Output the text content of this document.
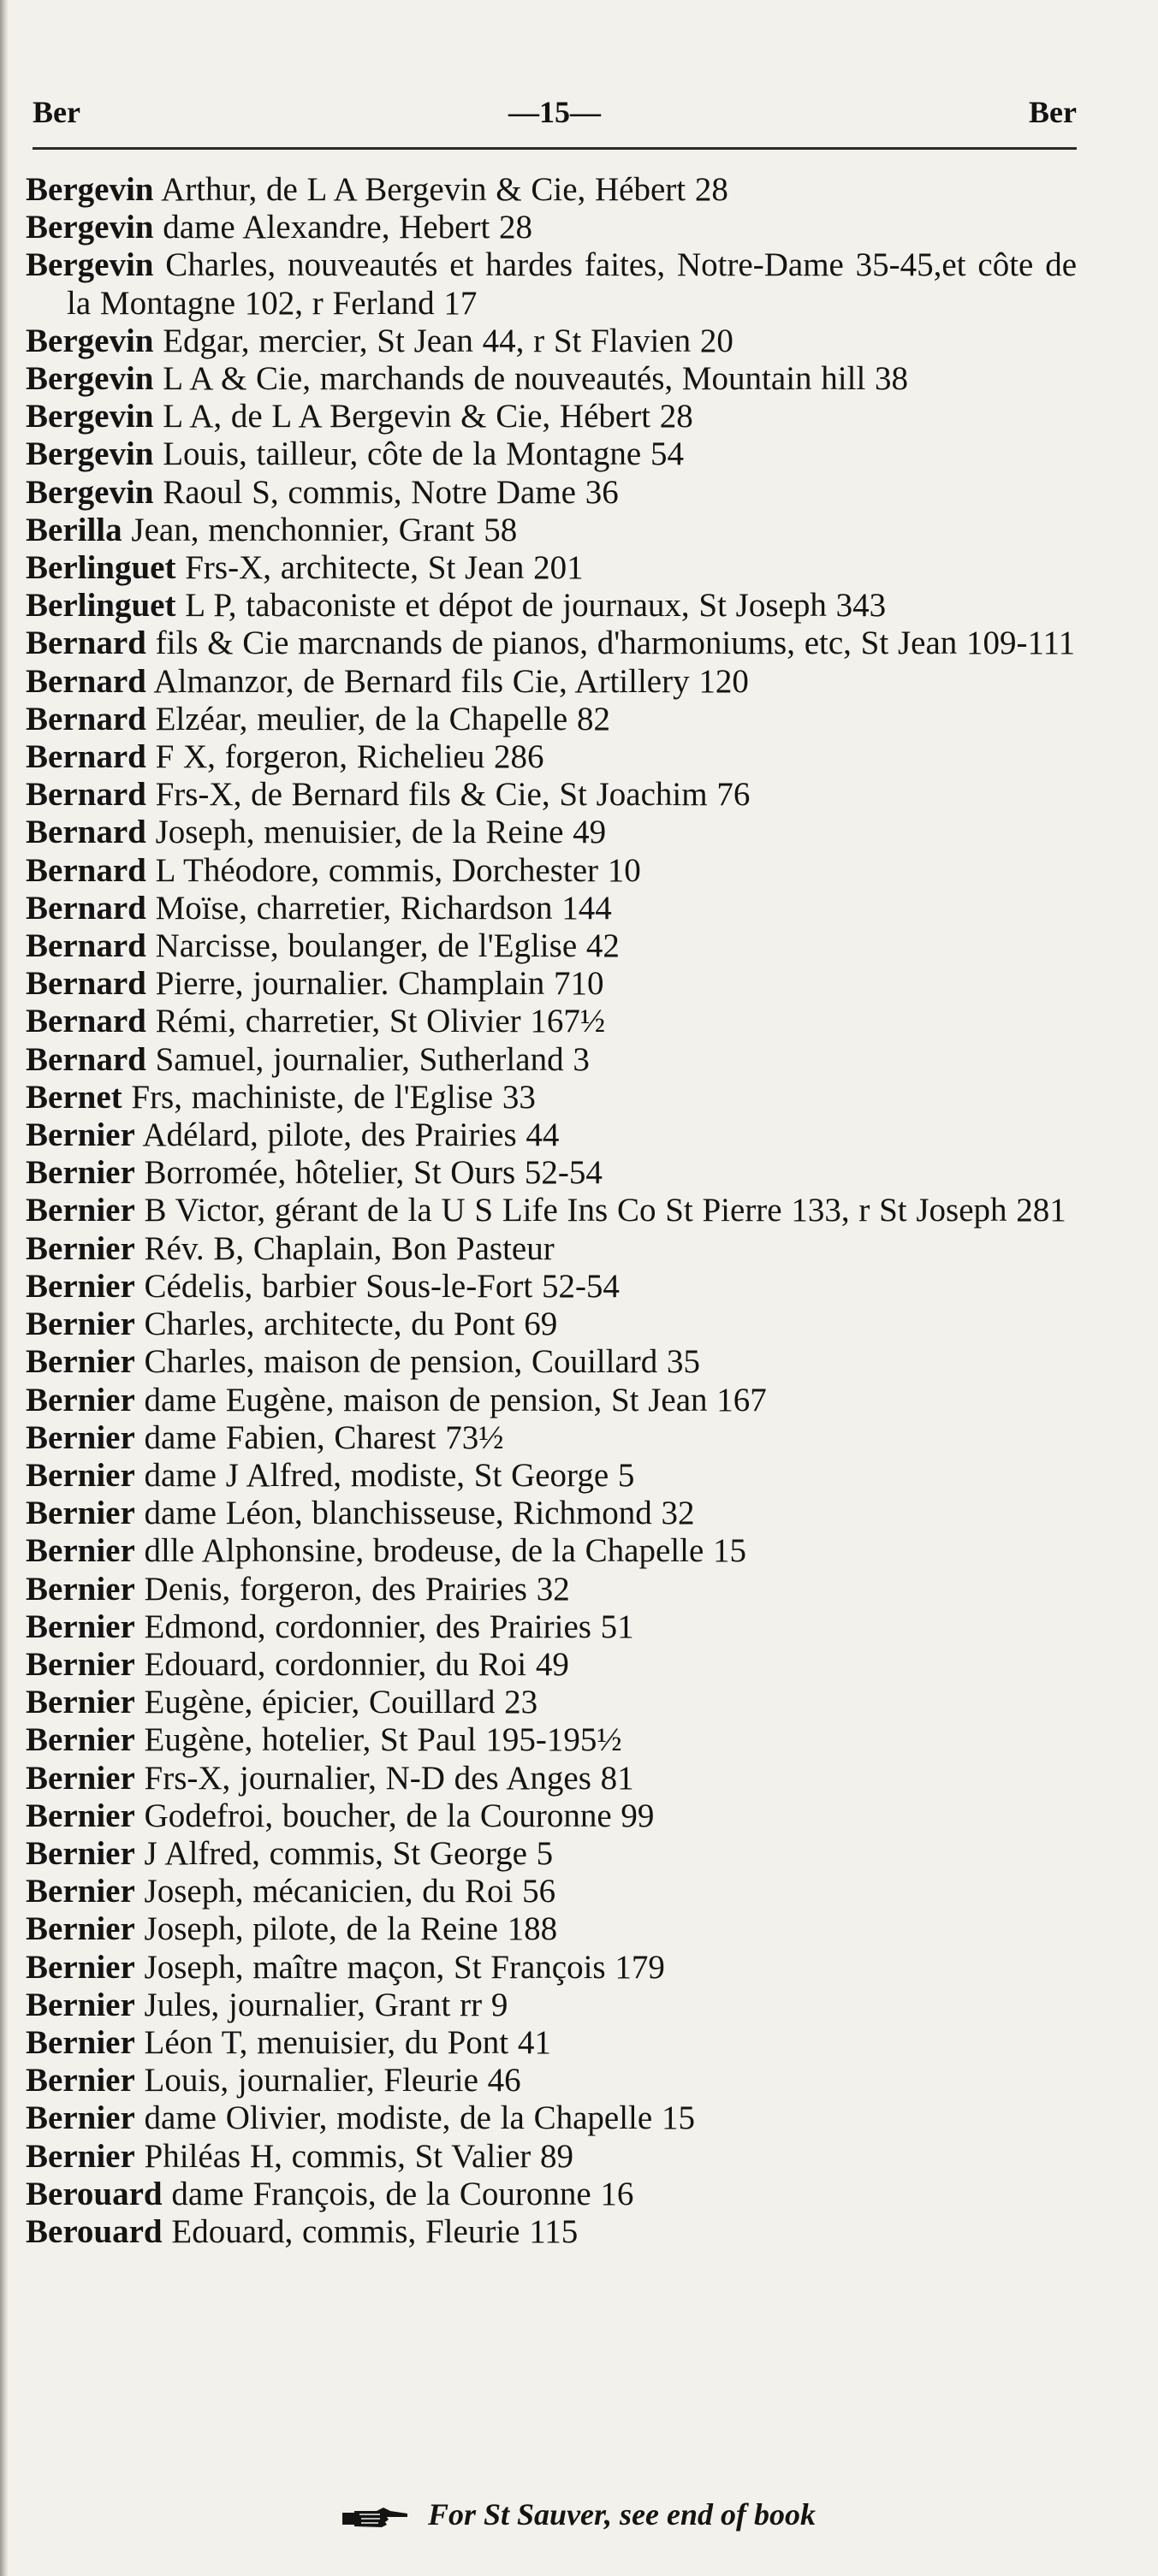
Ber	—15—	Ber
Bergevin Arthur, de L A Bergevin & Cie, Hébert 28
Bergevin dame Alexandre, Hebert 28
Bergevin Charles, nouveautés et hardes faites, Notre-Dame 35-45,et côte de la Montagne 102, r Ferland 17
Bergevin Edgar, mercier, St Jean 44, r St Flavien 20
Bergevin L A & Cie, marchands de nouveautés, Mountain hill 38
Bergevin L A, de L A Bergevin & Cie, Hébert 28
Bergevin Louis, tailleur, côte de la Montagne 54
Bergevin Raoul S, commis, Notre Dame 36
Berilla Jean, menchonnier, Grant 58
Berlinguet Frs-X, architecte, St Jean 201
Berlinguet L P, tabaconiste et dépot de journaux, St Joseph 343
Bernard fils & Cie marcnands de pianos, d'harmoniums, etc, St Jean 109-111
Bernard Almanzor, de Bernard fils Cie, Artillery 120
Bernard Elzéar, meulier, de la Chapelle 82
Bernard F X, forgeron, Richelieu 286
Bernard Frs-X, de Bernard fils & Cie, St Joachim 76
Bernard Joseph, menuisier, de la Reine 49
Bernard L Théodore, commis, Dorchester 10
Bernard Moïse, charretier, Richardson 144
Bernard Narcisse, boulanger, de l'Eglise 42
Bernard Pierre, journalier. Champlain 710
Bernard Rémi, charretier, St Olivier 167½
Bernard Samuel, journalier, Sutherland 3
Bernet Frs, machiniste, de l'Eglise 33
Bernier Adélard, pilote, des Prairies 44
Bernier Borromée, hôtelier, St Ours 52-54
Bernier B Victor, gérant de la U S Life Ins Co St Pierre 133, r St Joseph 281
Bernier Rév. B, Chaplain, Bon Pasteur
Bernier Cédelis, barbier Sous-le-Fort 52-54
Bernier Charles, architecte, du Pont 69
Bernier Charles, maison de pension, Couillard 35
Bernier dame Eugène, maison de pension, St Jean 167
Bernier dame Fabien, Charest 73½
Bernier dame J Alfred, modiste, St George 5
Bernier dame Léon, blanchisseuse, Richmond 32
Bernier dlle Alphonsine, brodeuse, de la Chapelle 15
Bernier Denis, forgeron, des Prairies 32
Bernier Edmond, cordonnier, des Prairies 51
Bernier Edouard, cordonnier, du Roi 49
Bernier Eugène, épicier, Couillard 23
Bernier Eugène, hotelier, St Paul 195-195½
Bernier Frs-X, journalier, N-D des Anges 81
Bernier Godefroi, boucher, de la Couronne 99
Bernier J Alfred, commis, St George 5
Bernier Joseph, mécanicien, du Roi 56
Bernier Joseph, pilote, de la Reine 188
Bernier Joseph, maître maçon, St François 179
Bernier Jules, journalier, Grant rr 9
Bernier Léon T, menuisier, du Pont 41
Bernier Louis, journalier, Fleurie 46
Bernier dame Olivier, modiste, de la Chapelle 15
Bernier Philéas H, commis, St Valier 89
Berouard dame François, de la Couronne 16
Berouard Edouard, commis, Fleurie 115
For St Sauver, see end of book
